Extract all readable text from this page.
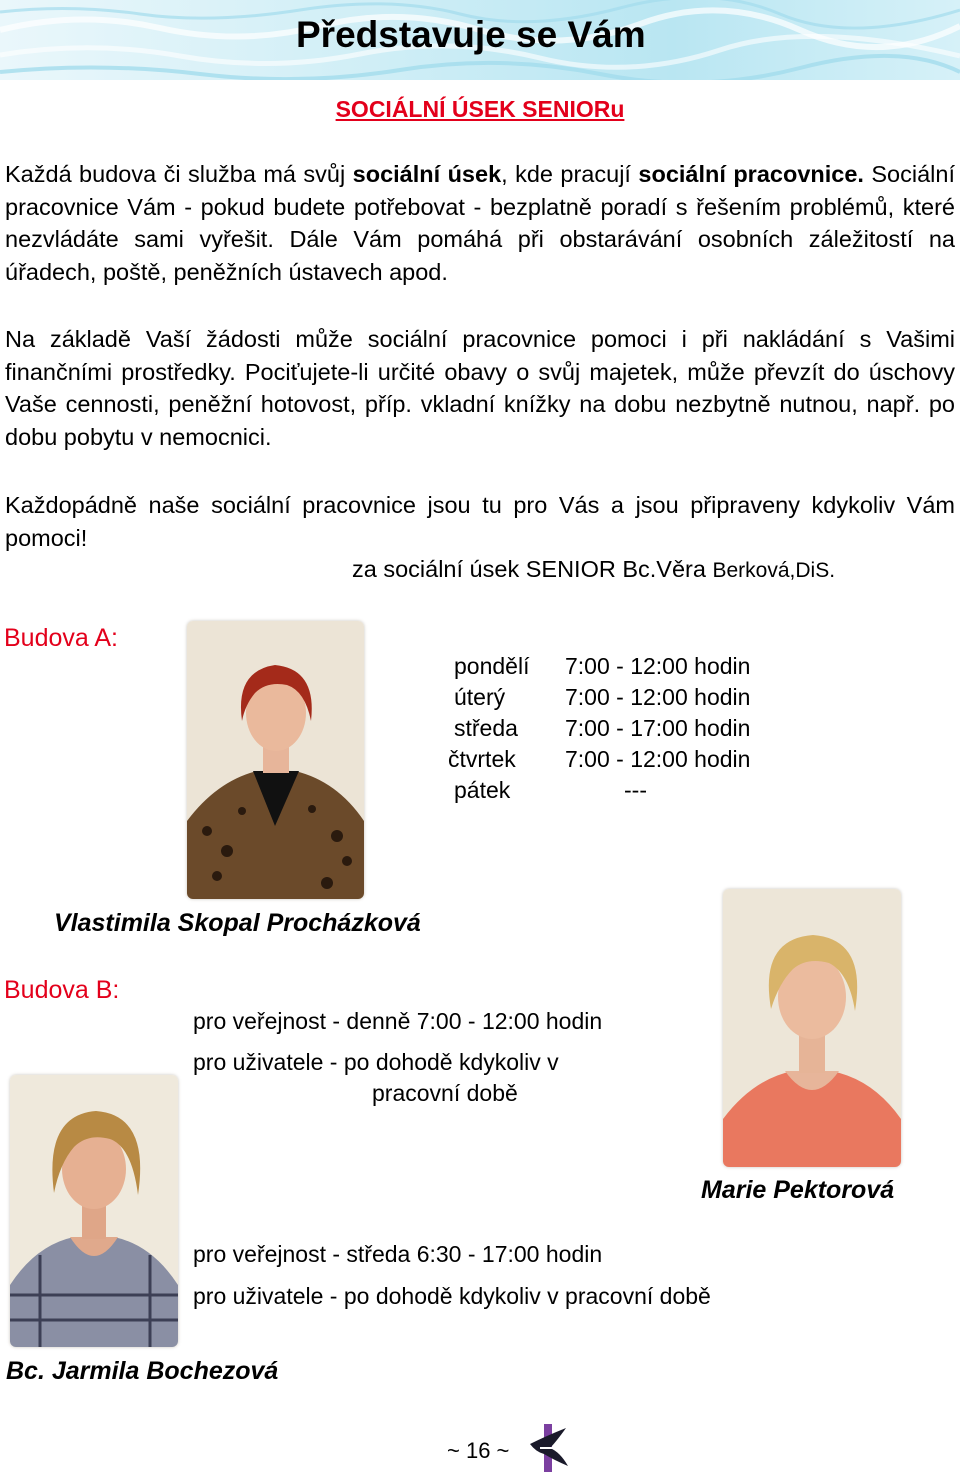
Představuje se Vám
SOCIÁLNÍ ÚSEK SENIORu

Každá budova či služba má svůj sociální úsek, kde pracují sociální pracovnice. Sociální pracovnice Vám - pokud budete potřebovat - bezplatně poradí s řešením problémů, které nezvládáte sami vyřešit. Dále Vám pomáhá při obstarávání osobních záležitostí na úřadech, poště, peněžních ústavech apod.

Na základě Vaší žádosti může sociální pracovnice pomoci i při nakládání s Vašimi finančními prostředky. Pociťujete-li určité obavy o svůj majetek, může převzít do úschovy Vaše cennosti, peněžní hotovost, příp. vkladní knížky na dobu nezbytně nutnou, např. po dobu pobytu v nemocnici.

Každopádně naše sociální pracovnice jsou tu pro Vás a jsou připraveny kdykoliv Vám pomoci!

za sociální úsek SENIOR Bc.Věra Berková,DiS.
Budova A:
pondělí	7:00 - 12:00 hodin
úterý	7:00 - 12:00 hodin
středa	7:00 - 17:00 hodin
čtvrtek	7:00 - 12:00 hodin
pátek	---
Vlastimila Skopal Procházková
Budova B:
pro veřejnost - denně 7:00 - 12:00 hodin
pro uživatele - po dohodě kdykoliv v
pracovní době
Marie Pektorová
pro veřejnost - středa 6:30 - 17:00 hodin
pro uživatele - po dohodě kdykoliv v pracovní době
Bc. Jarmila Bochezová
~ 16 ~
